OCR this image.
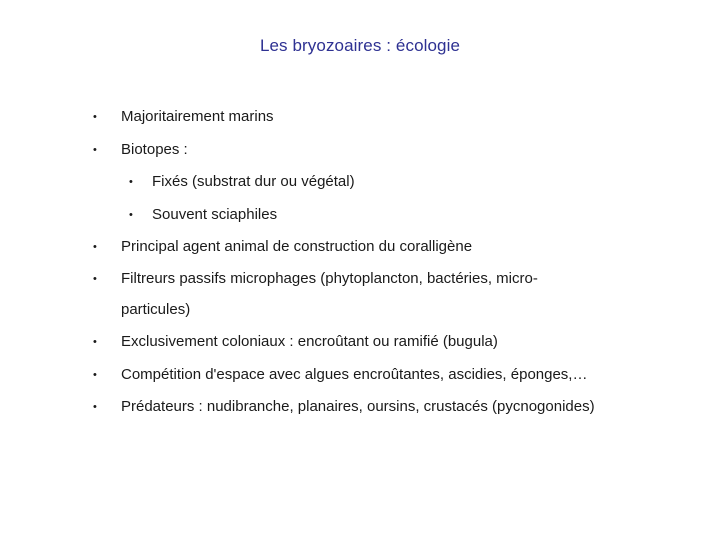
Les bryozoaires : écologie
• Majoritairement marins
• Biotopes :
• Fixés (substrat dur ou végétal)
• Souvent sciaphiles
• Principal agent animal de construction du coralligène
• Filtreurs passifs microphages (phytoplancton, bactéries, micro-
particules)
• Exclusivement coloniaux : encroûtant ou ramifié (bugula)
• Compétition d'espace avec algues encroûtantes, ascidies, éponges,…
• Prédateurs : nudibranche, planaires, oursins, crustacés (pycnogonides)
